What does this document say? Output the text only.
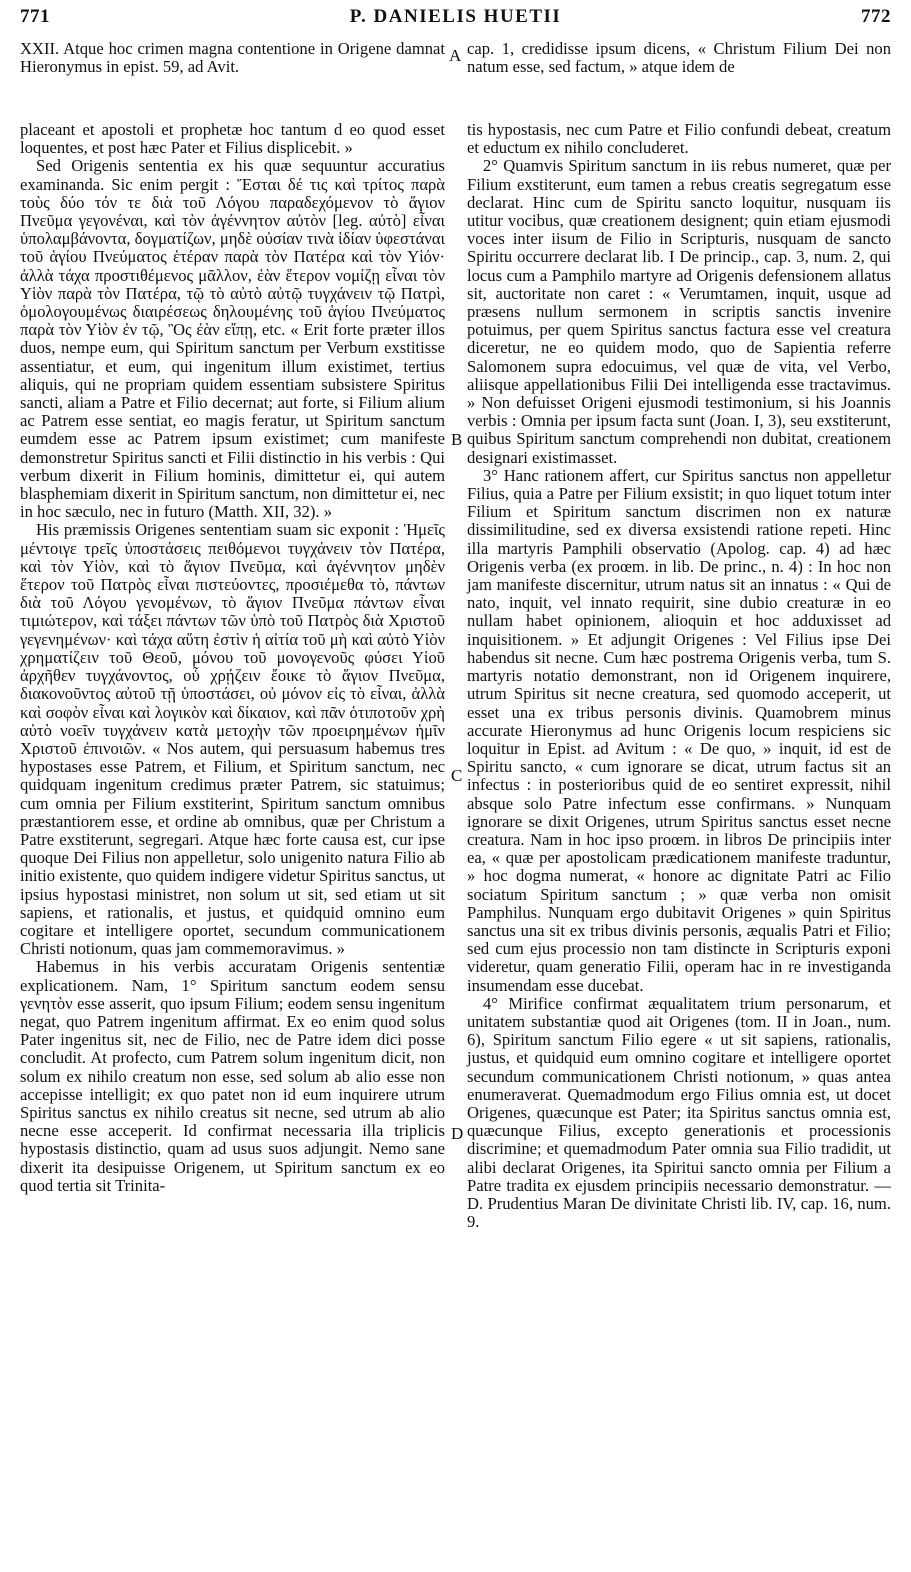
771	P. DANIELIS HUETII	772
A
B
C
D

XXII. Atque hoc crimen magna contentione in Origene damnat Hieronymus in epist. 59, ad Avit.

cap. 1, credidisse ipsum dicens, « Christum Filium Dei non natum esse, sed factum, » atque idem de

placeant et apostoli et prophetæ hoc tantum d eo quod esset loquentes, et post hæc Pater et Filius displicebit. »

Sed Origenis sententia ex his quæ sequuntur accuratius examinanda. Sic enim pergit : Ἔσται δέ τις καὶ τρίτος παρὰ τοὺς δύο τόν τε διὰ τοῦ Λόγου παραδεχόμενον τὸ ἅγιον Πνεῦμα γεγονέναι, καὶ τὸν ἀγέννητον αὐτὸν [leg. αὐτὸ] εἶναι ὑπολαμβάνοντα, δογματίζων, μηδὲ οὐσίαν τινὰ ἰδίαν ὑφεστάναι τοῦ ἁγίου Πνεύματος ἑτέραν παρὰ τὸν Πατέρα καὶ τὸν Υἱόν· ἀλλὰ τάχα προστιθέμενος μᾶλλον, ἐὰν ἕτερον νομίζῃ εἶναι τὸν Υἱὸν παρὰ τὸν Πατέρα, τῷ τὸ αὐτὸ αὐτῷ τυγχάνειν τῷ Πατρὶ, ὁμολογουμένως διαιρέσεως δηλουμένης τοῦ ἁγίου Πνεύματος παρὰ τὸν Υἱὸν ἐν τῷ, Ὃς ἐὰν εἴπῃ, etc. « Erit forte præter illos duos, nempe eum, qui Spiritum sanctum per Verbum exstitisse assentiatur, et eum, qui ingenitum illum existimet, tertius aliquis, qui ne propriam quidem essentiam subsistere Spiritus sancti, aliam a Patre et Filio decernat; aut forte, si Filium alium ac Patrem esse sentiat, eo magis feratur, ut Spiritum sanctum eumdem esse ac Patrem ipsum existimet; cum manifeste demonstretur Spiritus sancti et Filii distinctio in his verbis : Qui verbum dixerit in Filium hominis, dimittetur ei, qui autem blasphemiam dixerit in Spiritum sanctum, non dimittetur ei, nec in hoc sæculo, nec in futuro (Matth. XII, 32). »

His præmissis Origenes sententiam suam sic exponit : Ἡμεῖς μέντοιγε τρεῖς ὑποστάσεις πειθόμενοι τυγχάνειν τὸν Πατέρα, καὶ τὸν Υἱὸν, καὶ τὸ ἅγιον Πνεῦμα, καὶ ἀγέννητον μηδὲν ἕτερον τοῦ Πατρὸς εἶναι πιστεύοντες, προσιέμεθα τὸ, πάντων διὰ τοῦ Λόγου γενομένων, τὸ ἅγιον Πνεῦμα πάντων εἶναι τιμιώτερον, καὶ τάξει πάντων τῶν ὑπὸ τοῦ Πατρὸς διὰ Χριστοῦ γεγενημένων· καὶ τάχα αὕτη ἐστὶν ἡ αἰτία τοῦ μὴ καὶ αὐτὸ Υἱὸν χρηματίζειν τοῦ Θεοῦ, μόνου τοῦ μονογενοῦς φύσει Υἱοῦ ἀρχῆθεν τυγχάνοντος, οὗ χρῄζειν ἔοικε τὸ ἅγιον Πνεῦμα, διακονοῦντος αὐτοῦ τῇ ὑποστάσει, οὐ μόνον εἰς τὸ εἶναι, ἀλλὰ καὶ σοφὸν εἶναι καὶ λογικὸν καὶ δίκαιον, καὶ πᾶν ὁτιποτοῦν χρὴ αὐτὸ νοεῖν τυγχάνειν κατὰ μετοχὴν τῶν προειρημένων ἡμῖν Χριστοῦ ἐπινοιῶν. « Nos autem, qui persuasum habemus tres hypostases esse Patrem, et Filium, et Spiritum sanctum, nec quidquam ingenitum credimus præter Patrem, sic statuimus; cum omnia per Filium exstiterint, Spiritum sanctum omnibus præstantiorem esse, et ordine ab omnibus, quæ per Christum a Patre exstiterunt, segregari. Atque hæc forte causa est, cur ipse quoque Dei Filius non appelletur, solo unigenito natura Filio ab initio existente, quo quidem indigere videtur Spiritus sanctus, ut ipsius hypostasi ministret, non solum ut sit, sed etiam ut sit sapiens, et rationalis, et justus, et quidquid omnino eum cogitare et intelligere oportet, secundum communicationem Christi notionum, quas jam commemoravimus. »

Habemus in his verbis accuratam Origenis sententiæ explicationem. Nam, 1° Spiritum sanctum eodem sensu γενητὸν esse asserit, quo ipsum Filium; eodem sensu ingenitum negat, quo Patrem ingenitum affirmat. Ex eo enim quod solus Pater ingenitus sit, nec de Filio, nec de Patre idem dici posse concludit. At profecto, cum Patrem solum ingenitum dicit, non solum ex nihilo creatum non esse, sed solum ab alio esse non accepisse intelligit; ex quo patet non id eum inquirere utrum Spiritus sanctus ex nihilo creatus sit necne, sed utrum ab alio necne esse acceperit. Id confirmat necessaria illa triplicis hypostasis distinctio, quam ad usus suos adjungit. Nemo sane dixerit ita desipuisse Origenem, ut Spiritum sanctum ex eo quod tertia sit Trinita-

tis hypostasis, nec cum Patre et Filio confundi debeat, creatum et eductum ex nihilo concluderet.

2° Quamvis Spiritum sanctum in iis rebus numeret, quæ per Filium exstiterunt, eum tamen a rebus creatis segregatum esse declarat. Hinc cum de Spiritu sancto loquitur, nusquam iis utitur vocibus, quæ creationem designent; quin etiam ejusmodi voces inter iisum de Filio in Scripturis, nusquam de sancto Spiritu occurrere declarat lib. I De princip., cap. 3, num. 2, qui locus cum a Pamphilo martyre ad Origenis defensionem allatus sit, auctoritate non caret : « Verumtamen, inquit, usque ad præsens nullum sermonem in scriptis sanctis invenire potuimus, per quem Spiritus sanctus factura esse vel creatura diceretur, ne eo quidem modo, quo de Sapientia referre Salomonem supra edocuimus, vel quæ de vita, vel Verbo, aliisque appellationibus Filii Dei intelligenda esse tractavimus. » Non defuisset Origeni ejusmodi testimonium, si his Joannis verbis : Omnia per ipsum facta sunt (Joan. I, 3), seu exstiterunt, quibus Spiritum sanctum comprehendi non dubitat, creationem designari existimasset.

3° Hanc rationem affert, cur Spiritus sanctus non appelletur Filius, quia a Patre per Filium exsistit; in quo liquet totum inter Filium et Spiritum sanctum discrimen non ex naturæ dissimilitudine, sed ex diversa exsistendi ratione repeti. Hinc illa martyris Pamphili observatio (Apolog. cap. 4) ad hæc Origenis verba (ex proœm. in lib. De princ., n. 4) : In hoc non jam manifeste discernitur, utrum natus sit an innatus : « Qui de nato, inquit, vel innato requirit, sine dubio creaturæ in eo nullam habet opinionem, alioquin et hoc adduxisset ad inquisitionem. » Et adjungit Origenes : Vel Filius ipse Dei habendus sit necne. Cum hæc postrema Origenis verba, tum S. martyris notatio demonstrant, non id Origenem inquirere, utrum Spiritus sit necne creatura, sed quomodo acceperit, ut esset una ex tribus personis divinis. Quamobrem minus accurate Hieronymus ad hunc Origenis locum respiciens sic loquitur in Epist. ad Avitum : « De quo, » inquit, id est de Spiritu sancto, « cum ignorare se dicat, utrum factus sit an infectus : in posterioribus quid de eo sentiret expressit, nihil absque solo Patre infectum esse confirmans. » Nunquam ignorare se dixit Origenes, utrum Spiritus sanctus esset necne creatura. Nam in hoc ipso proœm. in libros De principiis inter ea, « quæ per apostolicam prædicationem manifeste traduntur, » hoc dogma numerat, « honore ac dignitate Patri ac Filio sociatum Spiritum sanctum ; » quæ verba non omisit Pamphilus. Nunquam ergo dubitavit Origenes » quin Spiritus sanctus una sit ex tribus divinis personis, æqualis Patri et Filio; sed cum ejus processio non tam distincte in Scripturis exponi videretur, quam generatio Filii, operam hac in re investiganda insumendam esse ducebat.

4° Mirifice confirmat æqualitatem trium personarum, et unitatem substantiæ quod ait Origenes (tom. II in Joan., num. 6), Spiritum sanctum Filio egere « ut sit sapiens, rationalis, justus, et quidquid eum omnino cogitare et intelligere oportet secundum communicationem Christi notionum, » quas antea enumeraverat. Quemadmodum ergo Filius omnia est, ut docet Origenes, quæcunque est Pater; ita Spiritus sanctus omnia est, quæcunque Filius, excepto generationis et processionis discrimine; et quemadmodum Pater omnia sua Filio tradidit, ut alibi declarat Origenes, ita Spiritui sancto omnia per Filium a Patre tradita ex ejusdem principiis necessario demonstratur. — D. Prudentius Maran De divinitate Christi lib. IV, cap. 16, num. 9.
